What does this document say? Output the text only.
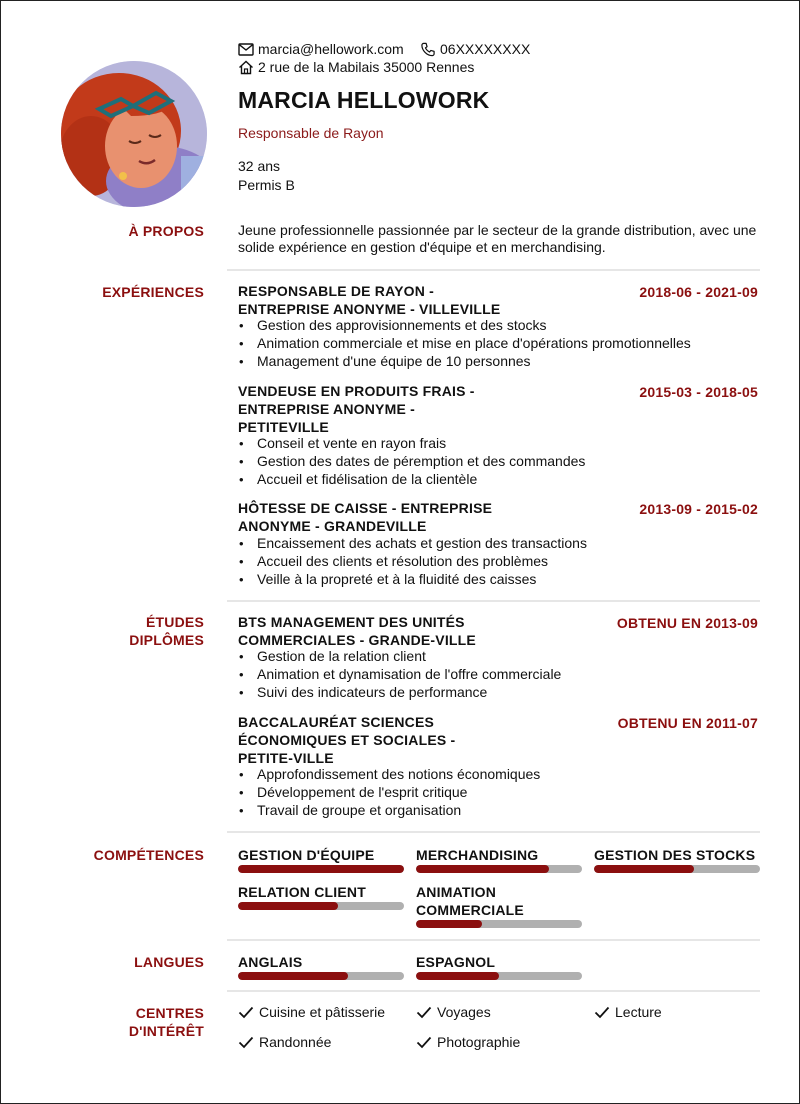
marcia@hellowork.com	06XXXXXXXX
2 rue de la Mabilais 35000 Rennes
MARCIA HELLOWORK
Responsable de Rayon
32 ans
Permis B
À PROPOS Jeune professionnelle passionnée par le secteur de la grande distribution, avec une solide expérience en gestion d'équipe et en merchandising.
EXPÉRIENCES RESPONSABLE DE RAYON -
ENTREPRISE ANONYME - VILLEVILLE
2018-06 - 2021-09
• Gestion des approvisionnements et des stocks
• Animation commerciale et mise en place d'opérations promotionnelles
• Management d'une équipe de 10 personnes
VENDEUSE EN PRODUITS FRAIS -
ENTREPRISE ANONYME -
PETITEVILLE
2015-03 - 2018-05
• Conseil et vente en rayon frais
• Gestion des dates de péremption et des commandes
• Accueil et fidélisation de la clientèle
HÔTESSE DE CAISSE - ENTREPRISE
ANONYME - GRANDEVILLE
2013-09 - 2015-02
• Encaissement des achats et gestion des transactions
• Accueil des clients et résolution des problèmes
• Veille à la propreté et à la fluidité des caisses
ÉTUDES
DIPLÔMES
BTS MANAGEMENT DES UNITÉS
COMMERCIALES - GRANDE-VILLE
OBTENU EN 2013-09
• Gestion de la relation client
• Animation et dynamisation de l'offre commerciale
• Suivi des indicateurs de performance
BACCALAURÉAT SCIENCES
ÉCONOMIQUES ET SOCIALES -
PETITE-VILLE
OBTENU EN 2011-07
• Approfondissement des notions économiques
• Développement de l'esprit critique
• Travail de groupe et organisation
COMPÉTENCES GESTION D'ÉQUIPE	MERCHANDISING	GESTION DES STOCKS
RELATION CLIENT	ANIMATION
COMMERCIALE
LANGUES ANGLAIS	ESPAGNOL
CENTRES
D'INTÉRÊT
Cuisine et pâtisserie	Voyages	Lecture
Randonnée	Photographie
